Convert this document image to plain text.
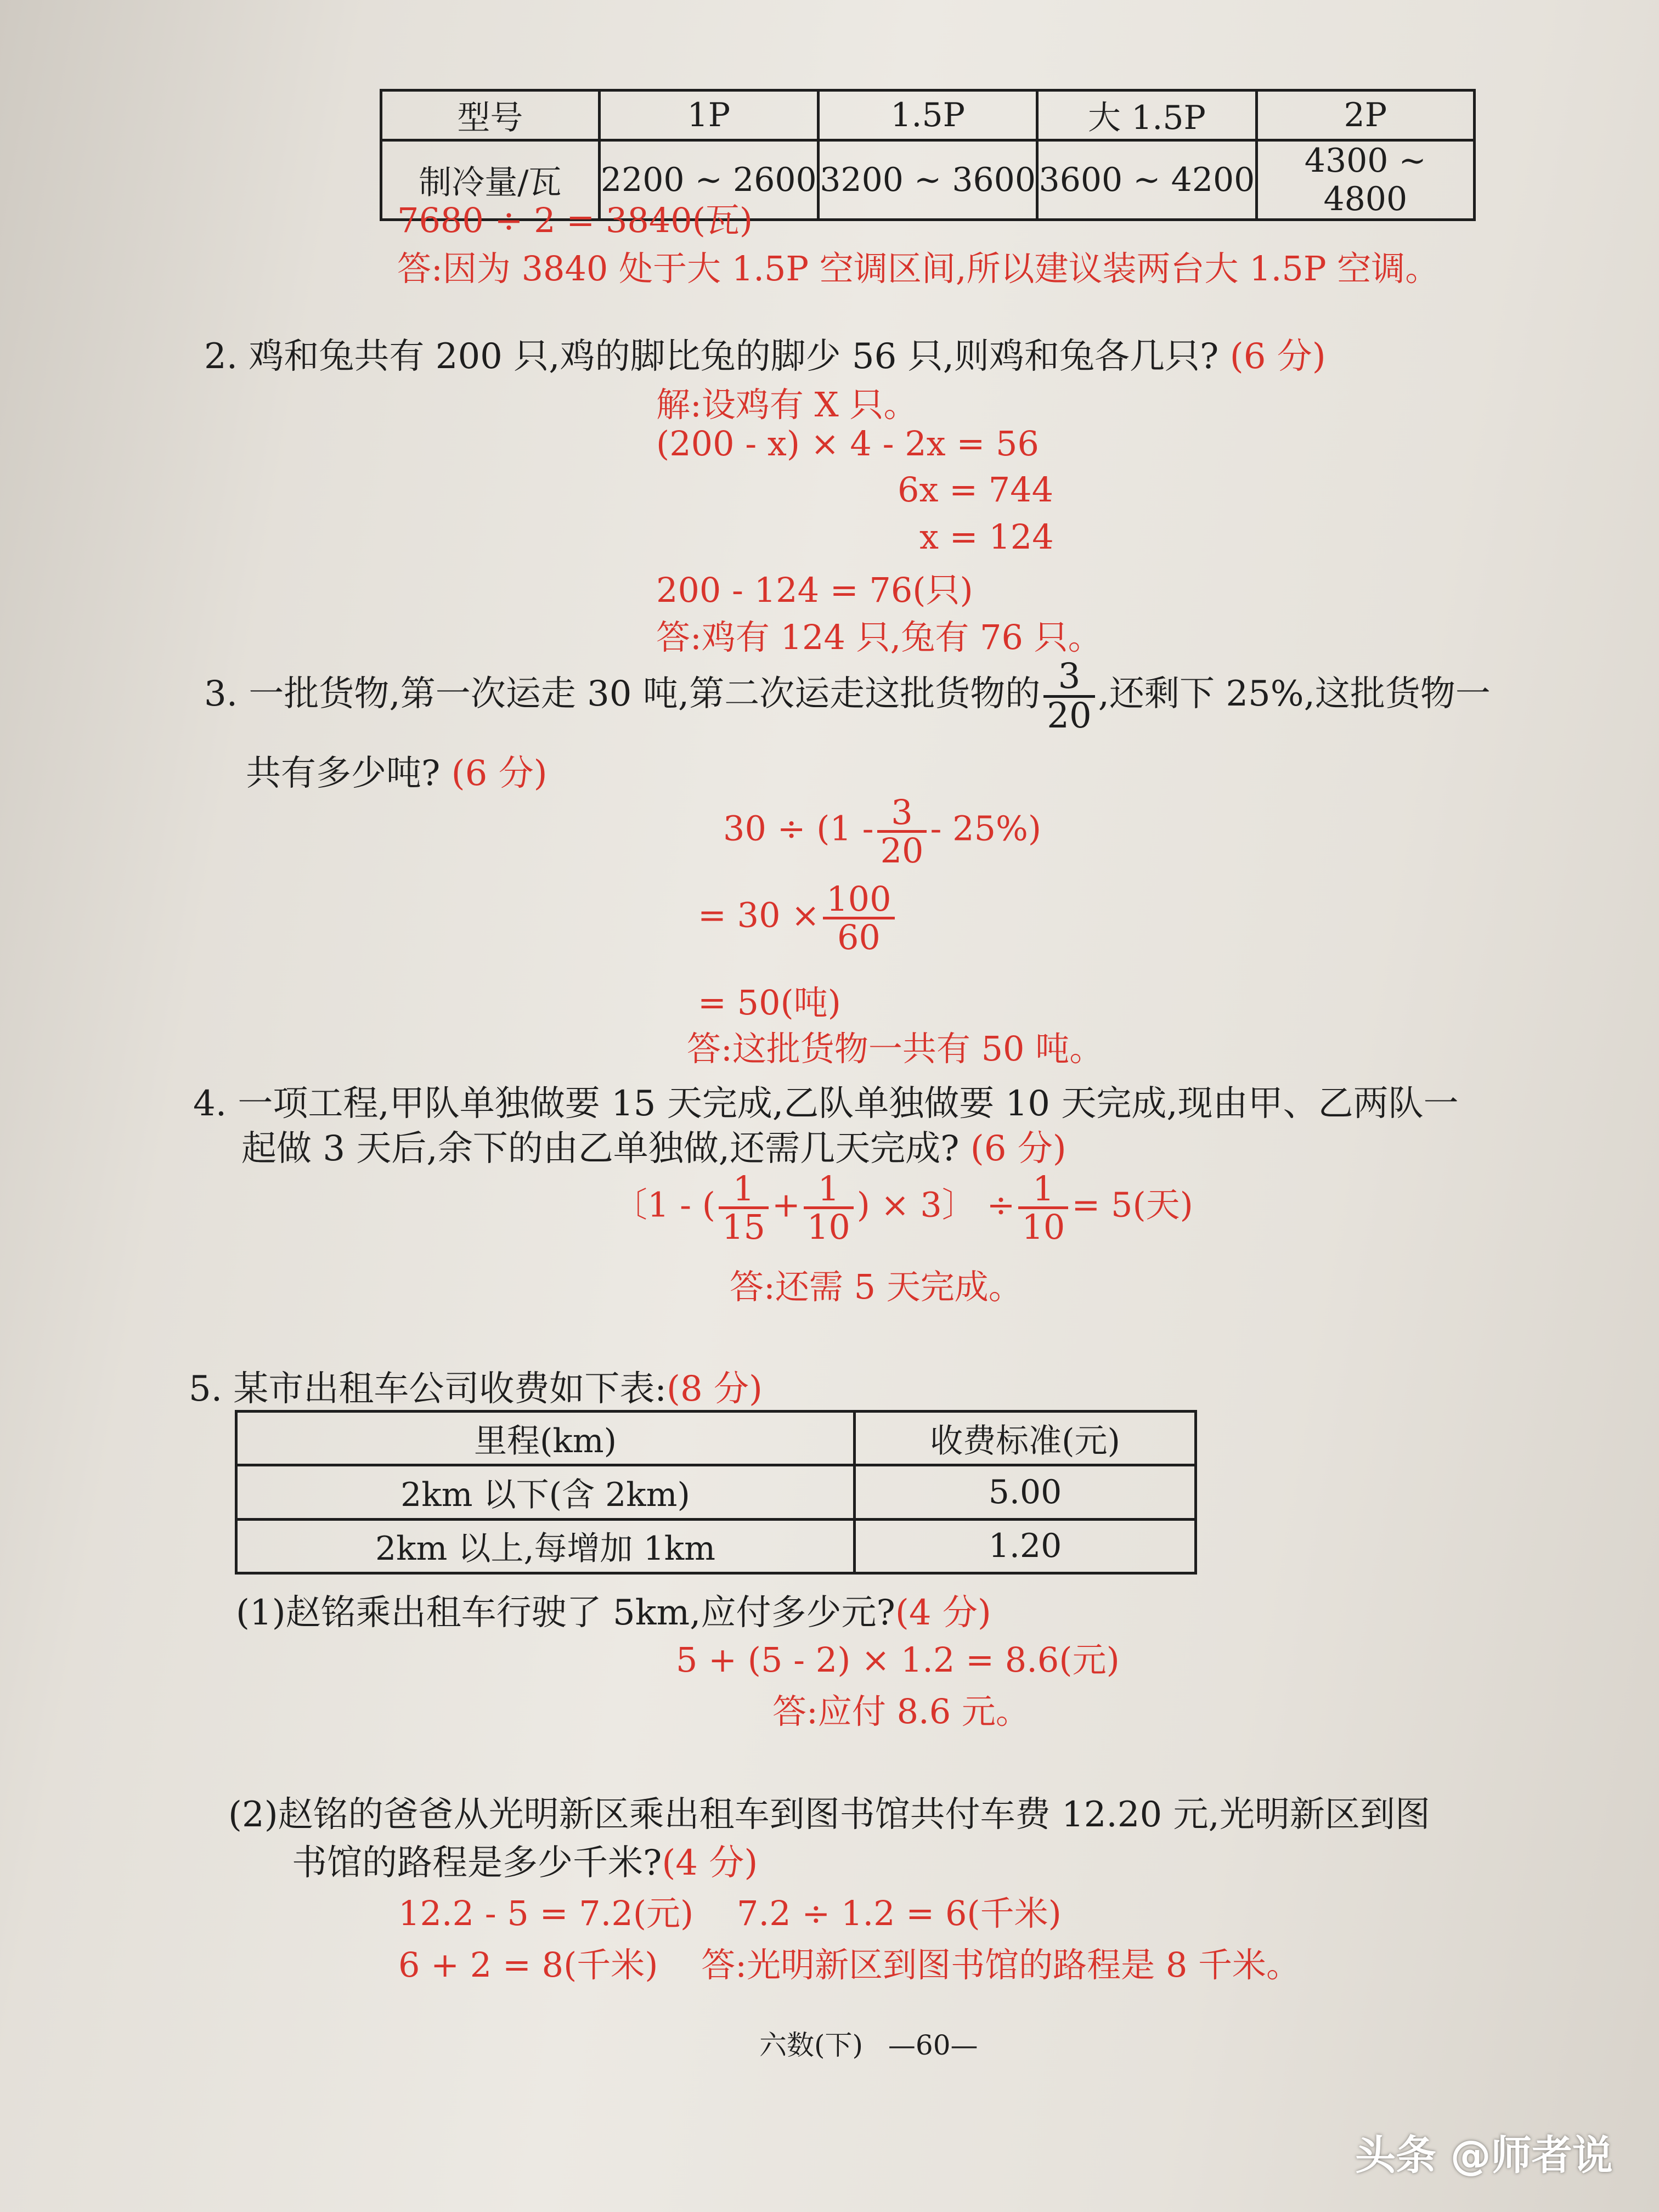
型号	1P	1.5P	大 1.5P	2P
制冷量/瓦	2200 ~ 2600	3200 ~ 3600	3600 ~ 4200	4300 ~ 4800
7680 ÷ 2 = 3840(瓦)
答:因为 3840 处于大 1.5P 空调区间,所以建议装两台大 1.5P 空调。
2. 鸡和兔共有 200 只,鸡的脚比兔的脚少 56 只,则鸡和兔各几只? (6 分)
解:设鸡有 X 只。
(200 - x) × 4 - 2x = 56
6x = 744
x = 124
200 - 124 = 76(只)
答:鸡有 124 只,兔有 76 只。
3. 一批货物,第一次运走 30 吨,第二次运走这批货物的 $\frac{3}{20}$ ,还剩下 25%,这批货物一
共有多少吨? (6 分)
$30 \div (1 - \frac{3}{20} - 25\%)$
= $30 \times \frac{100}{60}$
= 50(吨)
答:这批货物一共有 50 吨。
4. 一项工程,甲队单独做要 15 天完成,乙队单独做要 10 天完成,现由甲、乙两队一
起做 3 天后,余下的由乙单独做,还需几天完成? (6 分)
〔1 - ( $\frac{1}{15} + \frac{1}{10}$ ) × 3〕 ÷ $\frac{1}{10} = 5$(天)
答:还需 5 天完成。
5. 某市出租车公司收费如下表:(8 分)
里程(km)	收费标准(元)
2km 以下(含 2km)	5.00
2km 以上,每增加 1km	1.20
(1)赵铭乘出租车行驶了 5km,应付多少元?(4 分)
5 + (5 - 2) × 1.2 = 8.6(元)
答:应付 8.6 元。
(2)赵铭的爸爸从光明新区乘出租车到图书馆共付车费 12.20 元,光明新区到图
书馆的路程是多少千米?(4 分)
12.2 - 5 = 7.2(元)    7.2 ÷ 1.2 = 6(千米)
6 + 2 = 8(千米)    答:光明新区到图书馆的路程是 8 千米。
六数(下) —60—
头条 @师者说
